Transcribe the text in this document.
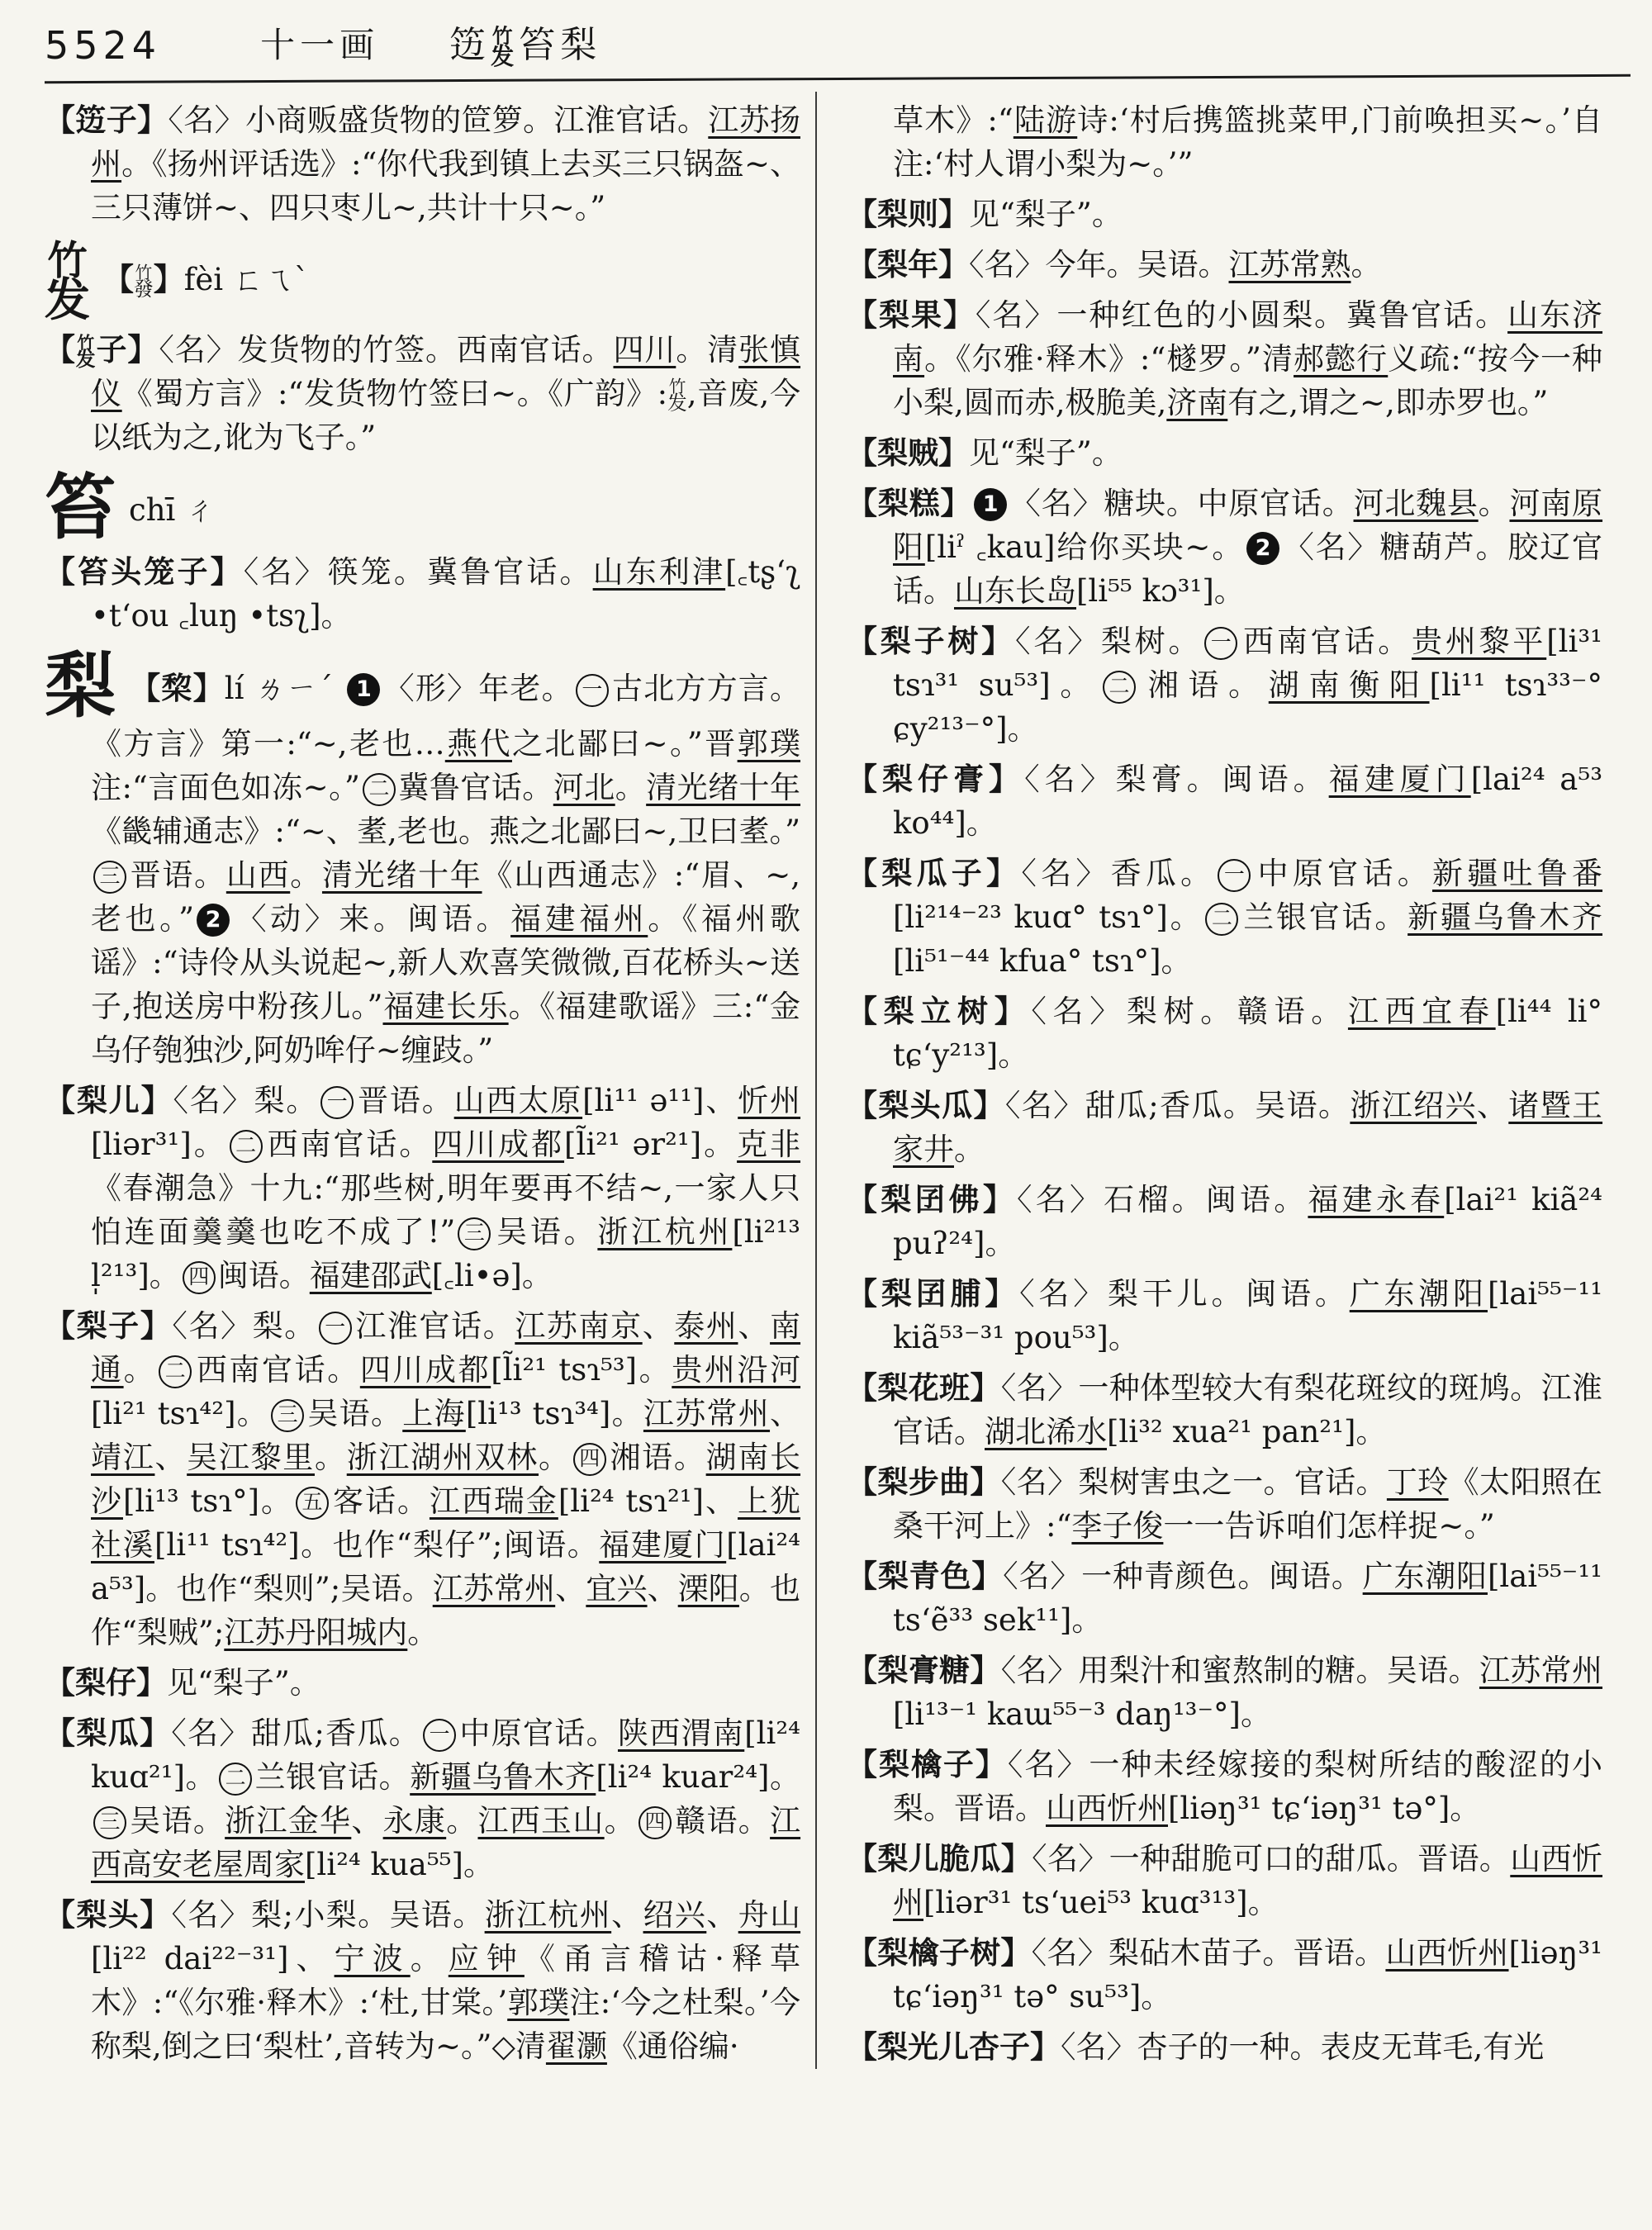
5524	十一画 笾 竹
发 笞 梨
【笾子】〈名〉小商贩盛货物的笸箩。江淮官话。江苏扬州。《扬州评话选》:“你代我到镇上去买三只锅盔~、三只薄饼~、四只枣儿~,共计十只~。”
竹
发 【 竹
發 】fèi ㄈㄟˋ
【 竹
发 子】〈名〉发货物的竹签。西南官话。四川。清张慎仪《蜀方言》:“发货物竹签曰~。《广韵》: 竹
发 ,音废,今以纸为之,讹为飞子。”
笞chī ㄔ
【笞头笼子】〈名〉筷笼。冀鲁官话。山东利津[꜀tʂʻʅ •tʻou ꜀luŋ •tsʅ]。
梨 【棃】lí ㄌㄧˊ 1 〈形〉年老。 一 古北方方言。《方言》第一:“~,老也…燕代之北鄙曰~。”晋郭璞注:“言面色如冻~。” 二 冀鲁官话。河北。清光绪十年《畿辅通志》:“~、耊,老也。燕之北鄙曰~,卫曰耊。”三 晋语。山西。清光绪十年《山西通志》:“眉、~,老也。” 2 〈动〉来。闽语。福建福州。《福州歌谣》:“诗伶从头说起~,新人欢喜笑微微,百花桥头~送子,抱送房中粉孩儿。”福建长乐。《福建歌谣》三:“金乌仔匏独沙,阿奶哞仔~缠跂。”
【梨儿】〈名〉梨。 一 晋语。山西太原[li¹¹ ə¹¹]、忻州[liər³¹]。 二 西南官话。四川成都[l̃i²¹ ər²¹]。克非《春潮急》十九:“那些树,明年要再不结~,一家人只怕连面羹羹也吃不成了!” 三 吴语。浙江杭州[li²¹³ l̩²¹³]。 四 闽语。福建邵武[꜀li•ə]。
【梨子】〈名〉梨。 一 江淮官话。江苏南京、泰州、南通。 二 西南官话。四川成都[l̃i²¹ tsɿ⁵³]。贵州沿河[li²¹ tsɿ⁴²]。 三 吴语。上海[li¹³ tsɿ³⁴]。江苏常州、靖江、吴江黎里。浙江湖州双林。 四 湘语。湖南长沙[li¹³ tsɿ°]。 五 客话。江西瑞金[li²⁴ tsɿ²¹]、上犹社溪[li¹¹ tsɿ⁴²]。也作“梨仔”;闽语。福建厦门[lai²⁴ a⁵³]。也作“梨则”;吴语。江苏常州、宜兴、溧阳。也作“梨贼”;江苏丹阳城内。
【梨仔】见“梨子”。
【梨瓜】〈名〉甜瓜;香瓜。 一 中原官话。陕西渭南[li²⁴ kuɑ²¹]。 二 兰银官话。新疆乌鲁木齐[li²⁴ kuar²⁴]。三 吴语。浙江金华、永康。江西玉山。 四 赣语。江西高安老屋周家[li²⁴ kua⁵⁵]。
【梨头】〈名〉梨;小梨。吴语。浙江杭州、绍兴、舟山[li²² dai²²⁻³¹]、宁波。应钟《甬言稽诂·释草木》:“《尔雅·释木》:‘杜,甘棠。’郭璞注:‘今之杜梨。’今称梨,倒之曰‘梨杜’,音转为~。”◇清翟灏《通俗编·
草木》:“陆游诗:‘村后携篮挑菜甲,门前唤担买~。’自注:‘村人谓小梨为~。’”
【梨则】见“梨子”。
【梨年】〈名〉今年。吴语。江苏常熟。
【梨果】〈名〉一种红色的小圆梨。冀鲁官话。山东济南。《尔雅·释木》:“檖罗。”清郝懿行义疏:“按今一种小梨,圆而赤,极脆美,济南有之,谓之~,即赤罗也。”
【梨贼】见“梨子”。
【梨糕】 1 〈名〉糖块。中原官话。河北魏县。河南原阳[liˀ ꜀kau]给你买块~。 2 〈名〉糖葫芦。胶辽官话。山东长岛[li⁵⁵ kɔ³¹]。
【梨子树】〈名〉梨树。 一 西南官话。贵州黎平[li³¹ tsɿ³¹ su⁵³]。 二 湘语。湖南衡阳[li¹¹ tsɿ³³⁻° ɕy²¹³⁻°]。
【梨仔膏】〈名〉梨膏。闽语。福建厦门[lai²⁴ a⁵³ ko⁴⁴]。
【梨瓜子】〈名〉香瓜。 一 中原官话。新疆吐鲁番[li²¹⁴⁻²³ kuɑ° tsɿ°]。 二 兰银官话。新疆乌鲁木齐[li⁵¹⁻⁴⁴ kfua° tsɿ°]。
【梨立树】〈名〉梨树。赣语。江西宜春[li⁴⁴ li° tɕʻy²¹³]。
【梨头瓜】〈名〉甜瓜;香瓜。吴语。浙江绍兴、诸暨王家井。
【梨囝佛】〈名〉石榴。闽语。福建永春[lai²¹ kiã²⁴ puʔ²⁴]。
【梨囝脯】〈名〉梨干儿。闽语。广东潮阳[lai⁵⁵⁻¹¹ kiã⁵³⁻³¹ pou⁵³]。
【梨花班】〈名〉一种体型较大有梨花斑纹的斑鸠。江淮官话。湖北浠水[li³² xua²¹ pan²¹]。
【梨步曲】〈名〉梨树害虫之一。官话。丁玲《太阳照在桑干河上》:“李子俊一一告诉咱们怎样捉~。”
【梨青色】〈名〉一种青颜色。闽语。广东潮阳[lai⁵⁵⁻¹¹ tsʻẽ³³ sek¹¹]。
【梨膏糖】〈名〉用梨汁和蜜熬制的糖。吴语。江苏常州[li¹³⁻¹ kaɯ⁵⁵⁻³ daŋ¹³⁻°]。
【梨檎子】〈名〉一种未经嫁接的梨树所结的酸涩的小梨。晋语。山西忻州[liəŋ³¹ tɕʻiəŋ³¹ tə°]。
【梨儿脆瓜】〈名〉一种甜脆可口的甜瓜。晋语。山西忻州[liər³¹ tsʻuei⁵³ kuɑ³¹³]。
【梨檎子树】〈名〉梨砧木苗子。晋语。山西忻州[liəŋ³¹ tɕʻiəŋ³¹ tə° su⁵³]。
【梨光儿杏子】〈名〉杏子的一种。表皮无茸毛,有光
